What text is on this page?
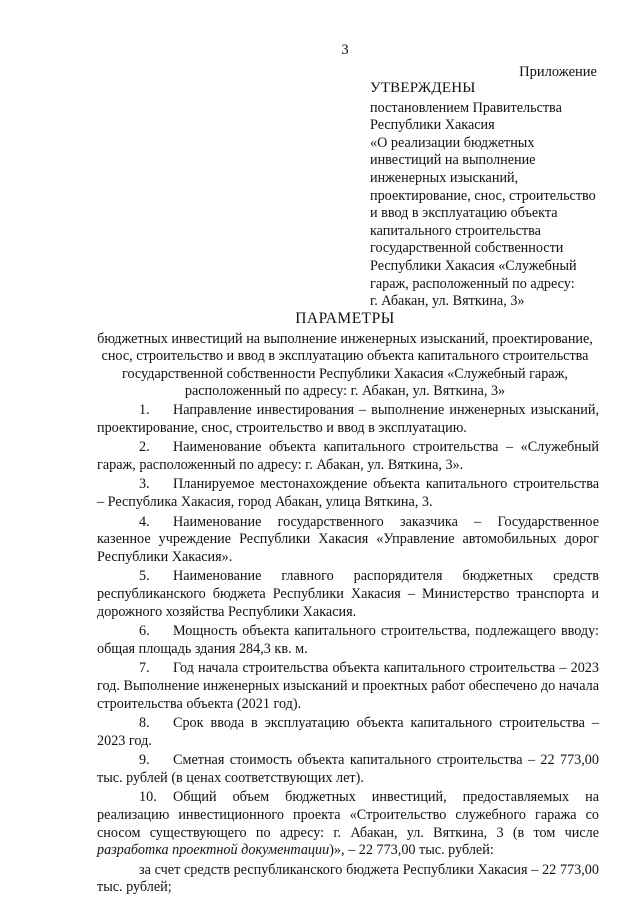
3
Приложение
УТВЕРЖДЕНЫ
постановлением Правительства
Республики Хакасия
«О реализации бюджетных
инвестиций на выполнение
инженерных изысканий,
проектирование, снос, строительство
и ввод в эксплуатацию объекта
капитального строительства
государственной собственности
Республики Хакасия «Служебный
гараж, расположенный по адресу:
г. Абакан, ул. Вяткина, 3»
ПАРАМЕТРЫ
бюджетных инвестиций на выполнение инженерных изысканий, проектирование,
снос, строительство и ввод в эксплуатацию объекта капитального строительства
государственной собственности Республики Хакасия «Служебный гараж,
расположенный по адресу: г. Абакан, ул. Вяткина, 3»

1. Направление инвестирования – выполнение инженерных изысканий, проектирование, снос, строительство и ввод в эксплуатацию.

2. Наименование объекта капитального строительства – «Служебный гараж, расположенный по адресу: г. Абакан, ул. Вяткина, 3».

3. Планируемое местонахождение объекта капитального строительства – Республика Хакасия, город Абакан, улица Вяткина, 3.

4. Наименование государственного заказчика – Государственное казенное учреждение Республики Хакасия «Управление автомобильных дорог Республики Хакасия».

5. Наименование главного распорядителя бюджетных средств республиканского бюджета Республики Хакасия – Министерство транспорта и дорожного хозяйства Республики Хакасия.

6. Мощность объекта капитального строительства, подлежащего вводу: общая площадь здания 284,3 кв. м.

7. Год начала строительства объекта капитального строительства – 2023 год. Выполнение инженерных изысканий и проектных работ обеспечено до начала строительства объекта (2021 год).

8. Срок ввода в эксплуатацию объекта капитального строительства – 2023 год.

9. Сметная стоимость объекта капитального строительства – 22 773,00 тыс. рублей (в ценах соответствующих лет).

10. Общий объем бюджетных инвестиций, предоставляемых на реализацию инвестиционного проекта «Строительство служебного гаража со сносом существующего по адресу: г. Абакан, ул. Вяткина, 3 (в том числе разработка проектной документации)», – 22 773,00 тыс. рублей:

за счет средств республиканского бюджета Республики Хакасия – 22 773,00 тыс. рублей;
